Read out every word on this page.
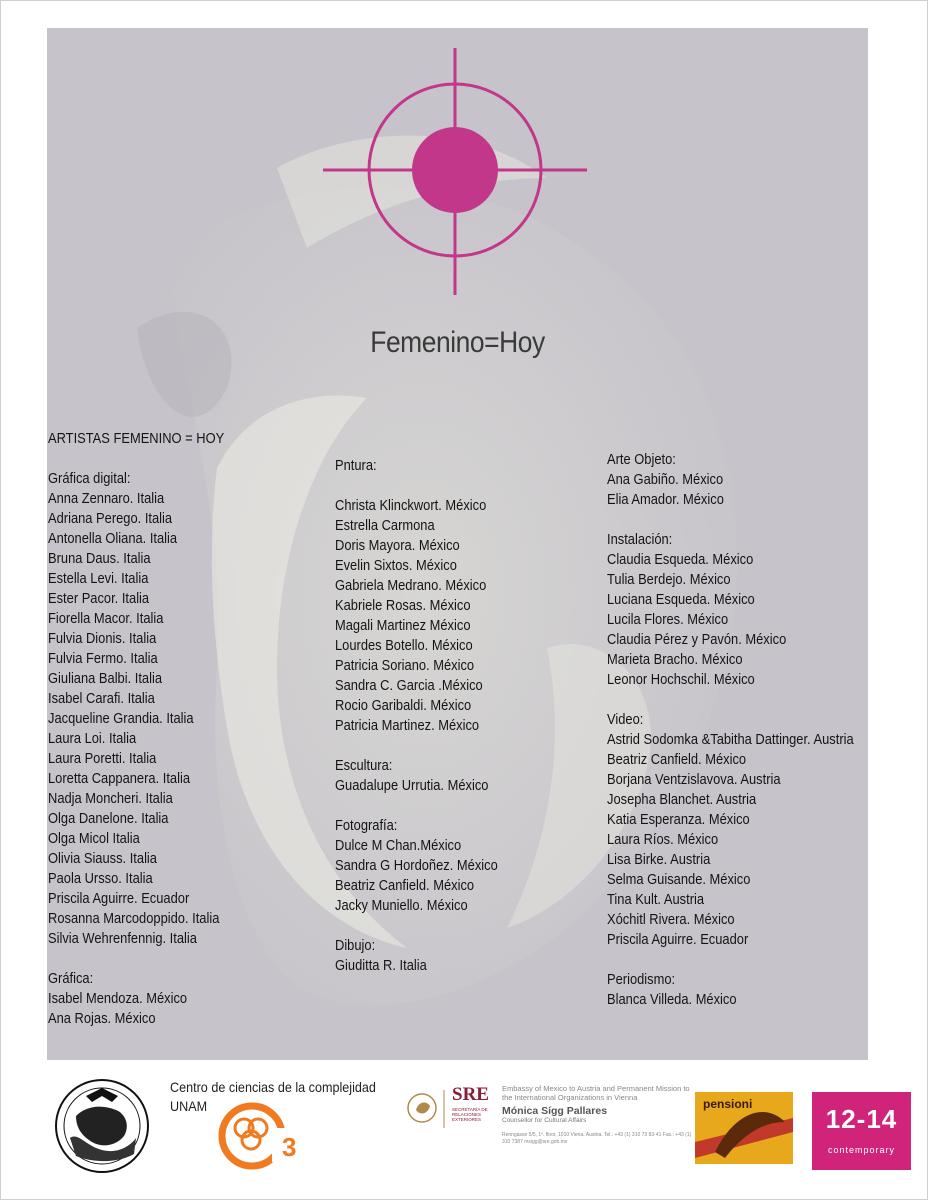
Femenino=Hoy
ARTISTAS FEMENINO = HOY
Gráfica digital:
Anna Zennaro. Italia
Adriana Perego. Italia
Antonella Oliana. Italia
Bruna Daus. Italia
Estella Levi. Italia
Ester Pacor. Italia
Fiorella Macor. Italia
Fulvia Dionis. Italia
Fulvia Fermo. Italia
Giuliana Balbi. Italia
Isabel Carafi. Italia
Jacqueline Grandia. Italia
Laura Loi. Italia
Laura Poretti. Italia
Loretta Cappanera. Italia
Nadja Moncheri. Italia
Olga Danelone. Italia
Olga Micol Italia
Olivia Siauss. Italia
Paola Ursso. Italia
Priscila Aguirre. Ecuador
Rosanna Marcodoppido. Italia
Silvia Wehrenfennig. Italia
Gráfica:
Isabel Mendoza. México
Ana Rojas. México
Pntura:
Christa Klinckwort. México
Estrella Carmona
Doris Mayora. México
Evelin Sixtos. México
Gabriela Medrano. México
Kabriele Rosas. México
Magali Martinez México
Lourdes Botello. México
Patricia Soriano. México
Sandra C. Garcia .México
Rocio Garibaldi. México
Patricia Martinez. México
Escultura:
Guadalupe Urrutia. México
Fotografía:
Dulce M Chan.México
Sandra G Hordoñez. México
Beatriz Canfield. México
Jacky Muniello. México
Dibujo:
Giuditta R. Italia
Arte Objeto:
Ana Gabiño. México
Elia Amador. México
Instalación:
Claudia Esqueda. México
Tulia Berdejo. México
Luciana Esqueda. México
Lucila Flores. México
Claudia Pérez y Pavón. México
Marieta Bracho. México
Leonor Hochschil. México
Video:
Astrid Sodomka &Tabitha Dattinger. Austria
Beatriz Canfield. México
Borjana Ventzislavova. Austria
Josepha Blanchet. Austria
Katia Esperanza. México
Laura Ríos. México
Lisa Birke. Austria
Selma Guisande. México
Tina Kult. Austria
Xóchitl Rivera. México
Priscila Aguirre. Ecuador
Periodismo:
Blanca Villeda. México
Centro de ciencias de la complejidad
UNAM
3
SRE
SECRETARÍA DE RELACIONES EXTERIORES
Embassy of Mexico to Austria and Permanent Mission to the International Organizations in Vienna
Mónica Sígg Pallares
Counsellor for Cultural Affairs
Renngasse 5/5, 1º. floor, 1010 Viena, Austria. Tel.: +43 (1) 310 73 83-41 Fax.: +43 (1) 310 7387 msigg@sre.gob.mx
pensioni	12-14
contemporary
